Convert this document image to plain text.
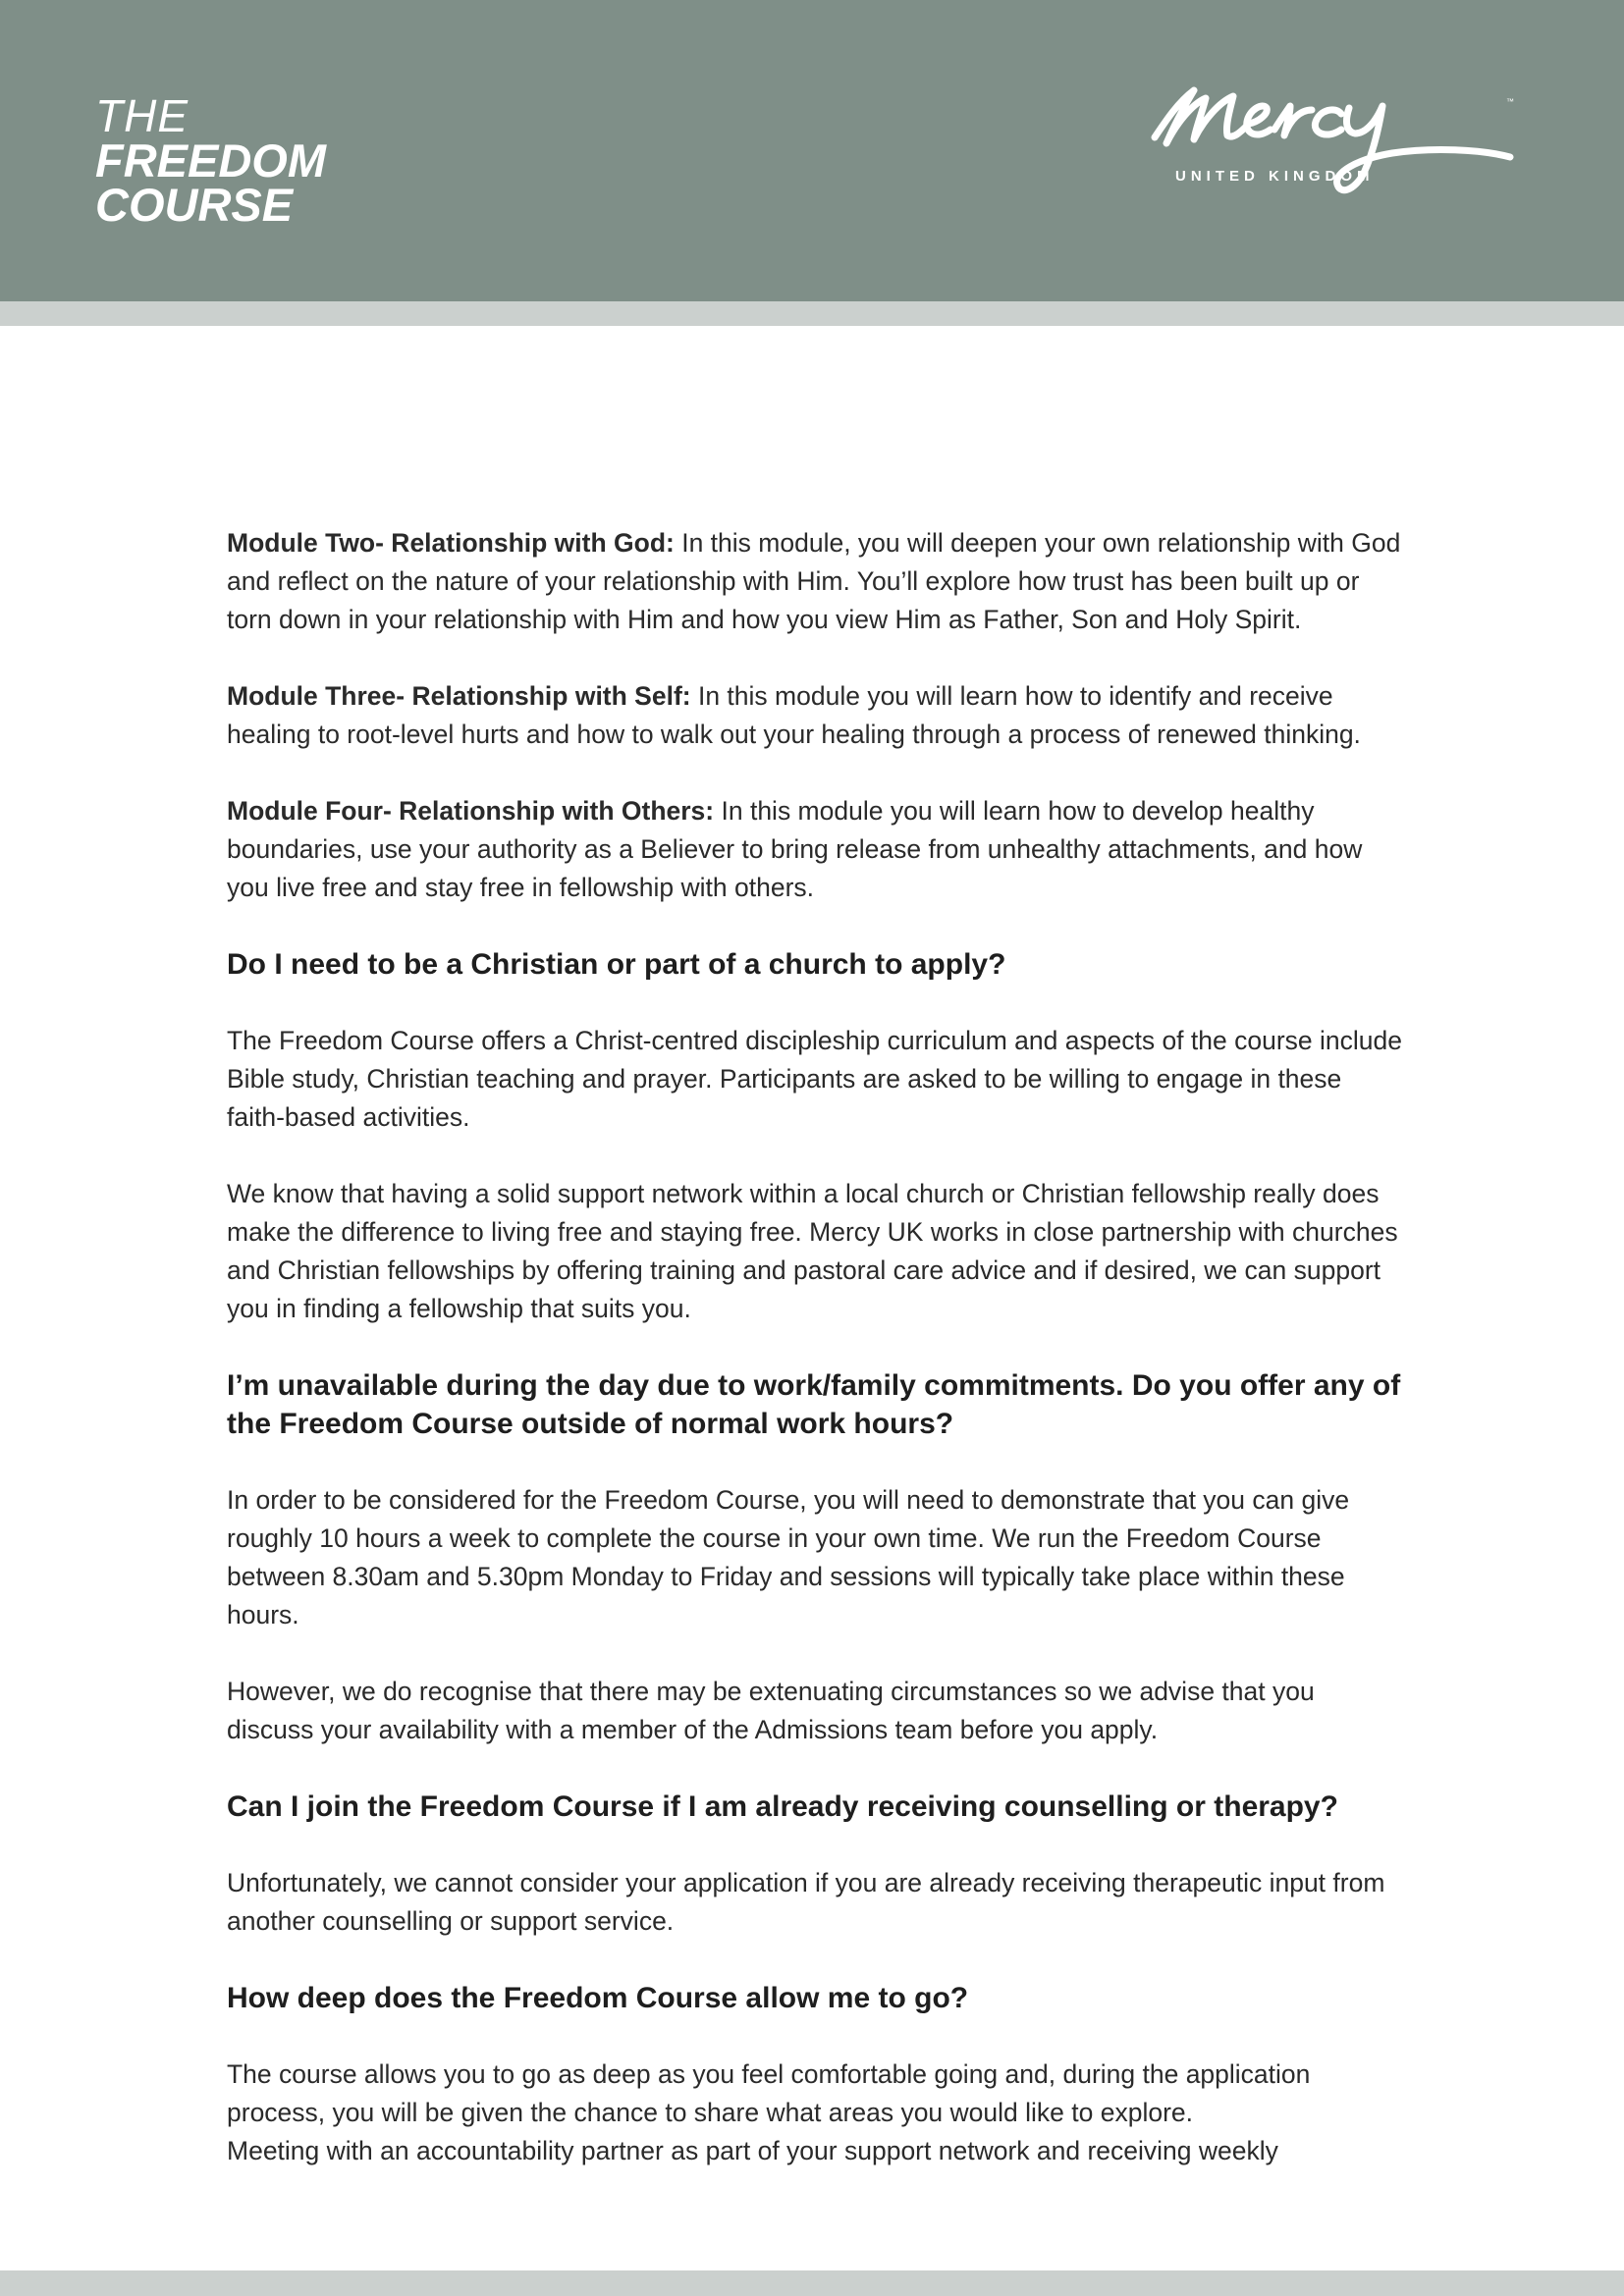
THE
FREEDOM
COURSE
™
UNITED KINGDOM

Module Two- Relationship with God: In this module, you will deepen your own relationship with God and reflect on the nature of your relationship with Him. You’ll explore how trust has been built up or torn down in your relationship with Him and how you view Him as Father, Son and Holy Spirit.

Module Three- Relationship with Self: In this module you will learn how to identify and receive healing to root-level hurts and how to walk out your healing through a process of renewed thinking.

Module Four- Relationship with Others: In this module you will learn how to develop healthy boundaries, use your authority as a Believer to bring release from unhealthy attachments, and how you live free and stay free in fellowship with others.

Do I need to be a Christian or part of a church to apply?

The Freedom Course offers a Christ-centred discipleship curriculum and aspects of the course include Bible study, Christian teaching and prayer. Participants are asked to be willing to engage in these faith-based activities.

We know that having a solid support network within a local church or Christian fellowship really does make the difference to living free and staying free. Mercy UK works in close partnership with churches and Christian fellowships by offering training and pastoral care advice and if desired, we can support you in finding a fellowship that suits you.

I’m unavailable during the day due to work/family commitments. Do you offer any of the Freedom Course outside of normal work hours?

In order to be considered for the Freedom Course, you will need to demonstrate that you can give roughly 10 hours a week to complete the course in your own time. We run the Freedom Course between 8.30am and 5.30pm Monday to Friday and sessions will typically take place within these hours.

However, we do recognise that there may be extenuating circumstances so we advise that you discuss your availability with a member of the Admissions team before you apply.

Can I join the Freedom Course if I am already receiving counselling or therapy?

Unfortunately, we cannot consider your application if you are already receiving therapeutic input from another counselling or support service.

How deep does the Freedom Course allow me to go?

The course allows you to go as deep as you feel comfortable going and, during the application process, you will be given the chance to share what areas you would like to explore.
Meeting with an accountability partner as part of your support network and receiving weekly
